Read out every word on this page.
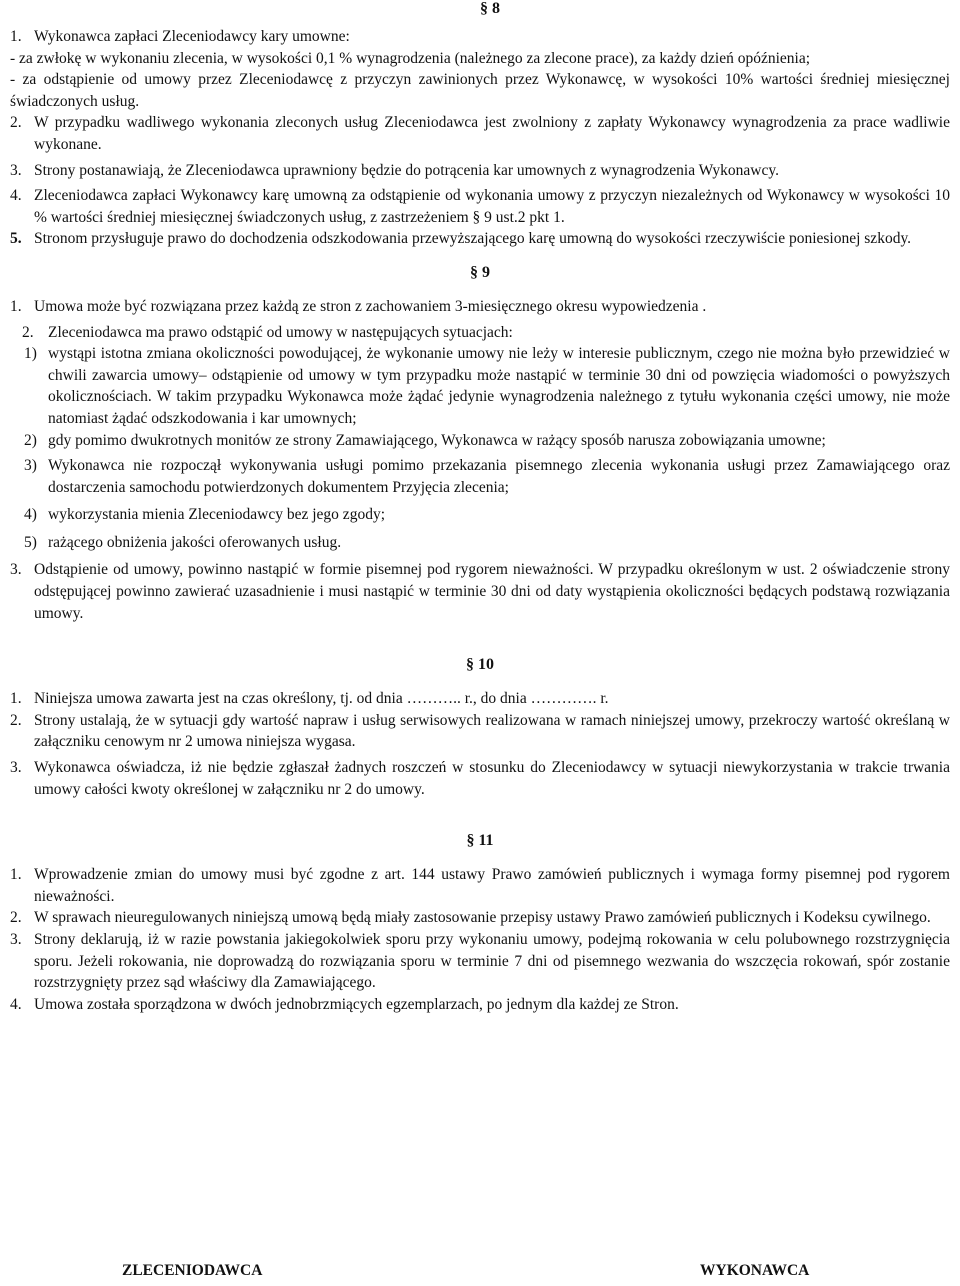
§ 8
1. Wykonawca zapłaci Zleceniodawcy kary umowne:
- za zwłokę w wykonaniu zlecenia, w wysokości 0,1 % wynagrodzenia (należnego za zlecone prace), za każdy dzień opóźnienia;
- za odstąpienie od umowy przez Zleceniodawcę z przyczyn zawinionych przez Wykonawcę, w wysokości 10% wartości średniej miesięcznej świadczonych usług.
2. W przypadku wadliwego wykonania zleconych usług Zleceniodawca jest zwolniony z zapłaty Wykonawcy wynagrodzenia za prace wadliwie wykonane.
3. Strony postanawiają, że Zleceniodawca uprawniony będzie do potrącenia kar umownych z wynagrodzenia Wykonawcy.
4. Zleceniodawca zapłaci Wykonawcy karę umowną za odstąpienie od wykonania umowy z przyczyn niezależnych od Wykonawcy w wysokości 10 % wartości średniej miesięcznej świadczonych usług, z zastrzeżeniem § 9 ust.2 pkt 1.
5. Stronom przysługuje prawo do dochodzenia odszkodowania przewyższającego karę umowną do wysokości rzeczywiście poniesionej szkody.
§ 9
1. Umowa może być rozwiązana przez każdą ze stron z zachowaniem 3-miesięcznego okresu wypowiedzenia .
2. Zleceniodawca ma prawo odstąpić od umowy w następujących sytuacjach:
1) wystąpi istotna zmiana okoliczności powodującej, że wykonanie umowy nie leży w interesie publicznym, czego nie można było przewidzieć w chwili zawarcia umowy– odstąpienie od umowy w tym przypadku może nastąpić w terminie 30 dni od powzięcia wiadomości o powyższych okolicznościach. W takim przypadku Wykonawca może żądać jedynie wynagrodzenia należnego z tytułu wykonania części umowy, nie może natomiast żądać odszkodowania i kar umownych;
2) gdy pomimo dwukrotnych monitów ze strony Zamawiającego, Wykonawca w rażący sposób narusza zobowiązania umowne;
3) Wykonawca nie rozpoczął wykonywania usługi pomimo przekazania pisemnego zlecenia wykonania usługi przez Zamawiającego oraz dostarczenia samochodu potwierdzonych dokumentem Przyjęcia zlecenia;
4) wykorzystania mienia Zleceniodawcy bez jego zgody;
5) rażącego obniżenia jakości oferowanych usług.
3. Odstąpienie od umowy, powinno nastąpić w formie pisemnej pod rygorem nieważności. W przypadku określonym w ust. 2 oświadczenie strony odstępującej powinno zawierać uzasadnienie i musi nastąpić w terminie 30 dni od daty wystąpienia okoliczności będących podstawą rozwiązania umowy.
§ 10
1. Niniejsza umowa zawarta jest na czas określony, tj. od dnia ……….. r., do dnia …………. r.
2. Strony ustalają, że w sytuacji gdy wartość napraw i usług serwisowych realizowana w ramach niniejszej umowy, przekroczy wartość określaną w załączniku cenowym nr 2 umowa niniejsza wygasa.
3. Wykonawca oświadcza, iż nie będzie zgłaszał żadnych roszczeń w stosunku do Zleceniodawcy w sytuacji niewykorzystania w trakcie trwania umowy całości kwoty określonej w załączniku nr 2 do umowy.
§ 11
1. Wprowadzenie zmian do umowy musi być zgodne z art. 144 ustawy Prawo zamówień publicznych i wymaga formy pisemnej pod rygorem nieważności.
2. W sprawach nieuregulowanych niniejszą umową będą miały zastosowanie przepisy ustawy Prawo zamówień publicznych i Kodeksu cywilnego.
3. Strony deklarują, iż w razie powstania jakiegokolwiek sporu przy wykonaniu umowy, podejmą rokowania w celu polubownego rozstrzygnięcia sporu. Jeżeli rokowania, nie doprowadzą do rozwiązania sporu w terminie 7 dni od pisemnego wezwania do wszczęcia rokowań, spór zostanie rozstrzygnięty przez sąd właściwy dla Zamawiającego.
4. Umowa została sporządzona w dwóch jednobrzmiących egzemplarzach, po jednym dla każdej ze Stron.
ZLECENIODAWCA	WYKONAWCA
